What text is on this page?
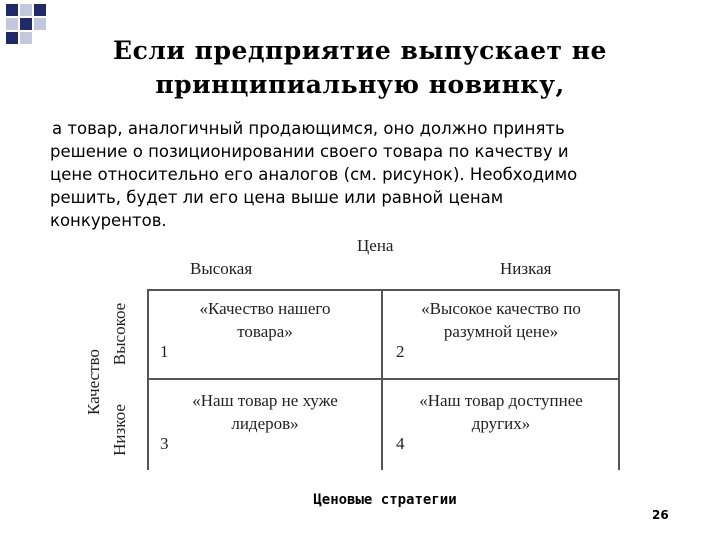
Если предприятие выпускает не
принципиальную новинку,
а товар, аналогичный продающимся, оно должно принять
решение о позиционировании своего товара по качеству и
цене относительно его аналогов (см. рисунок). Необходимо
решить, будет ли его цена выше или равной ценам
конкурентов.
Цена
Высокая	Низкая
Качество
Высокое
Низкое
«Качество нашего
товара»
1
«Высокое качество по
разумной цене»
2
«Наш товар не хуже
лидеров»
3
«Наш товар доступнее
других»
4
Ценовые стратегии
26
